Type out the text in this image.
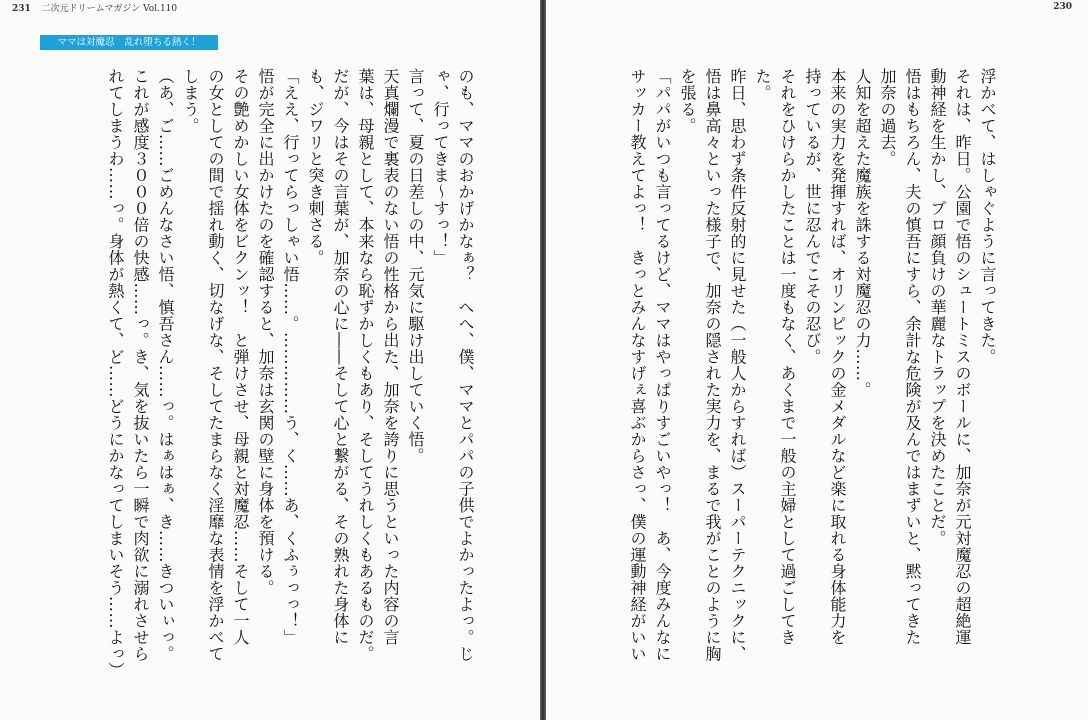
231 二次元ドリームマガジン Vol.110
ママは対魔忍 乱れ堕ちる熱く！
のも、ママのおかげかなぁ？　へへ、僕、ママとパパの子供でよかったよっ。じ
ゃ、行ってきま～すっ！」
言って、夏の日差しの中、元気に駆け出していく悟。
天真爛漫で裏表のない悟の性格から出た、加奈を誇りに思うといった内容の言
葉は、母親として、本来なら恥ずかしくもあり、そしてうれしくもあるものだ。
だが、今はその言葉が、加奈の心に――そして心と繋がる、その熟れた身体に
も、ジワリと突き刺さる。
「ええ、行ってらっしゃい悟……。……………う、く……あ、くふぅっっ！」
悟が完全に出かけたのを確認すると、加奈は玄関の壁に身体を預ける。
その艶めかしい女体をビクンッ！　と弾けさせ、母親と対魔忍……そして一人
の女としての間で揺れ動く、切なげな、そしてたまらなく淫靡な表情を浮かべて
しまう。
（あ、ご……ごめんなさい悟、慎吾さん……っ。はぁはぁ、き……きついぃっ。
これが感度３０００倍の快感……っ。き、気を抜いたら一瞬で肉欲に溺れさせら
れてしまうわ……っ。身体が熱くて、ど……どうにかなってしまいそう……よっ）
230
浮かべて、はしゃぐように言ってきた。
それは、昨日。公園で悟のシュートミスのボールに、加奈が元対魔忍の超絶運
動神経を生かし、プロ顔負けの華麗なトラップを決めたことだ。
悟はもちろん、夫の慎吾にすら、余計な危険が及んではまずいと、黙ってきた
加奈の過去。
人知を超えた魔族を誅する対魔忍の力……。
本来の実力を発揮すれば、オリンピックの金メダルなど楽に取れる身体能力を
持っているが、世に忍んでこその忍び。
それをひけらかしたことは一度もなく、あくまで一般の主婦として過ごしてき
た。
昨日、思わず条件反射的に見せた（一般人からすれば）スーパーテクニックに、
悟は鼻高々といった様子で、加奈の隠された実力を、まるで我がことのように胸
を張る。
「パパがいつも言ってるけど、ママはやっぱりすごいやっ！　あ、今度みんなに
サッカー教えてよっ！　きっとみんなすげぇ喜ぶからさっ、僕の運動神経がいい
